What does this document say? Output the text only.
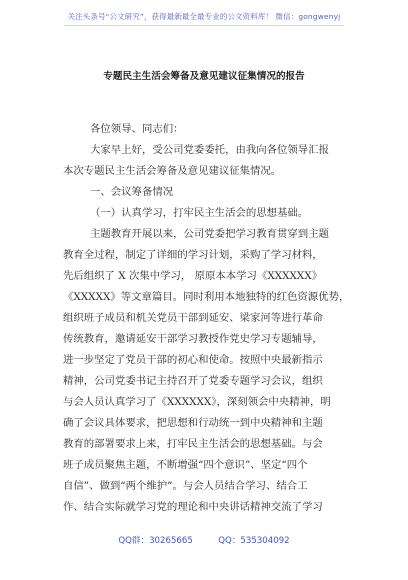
关注头条号“公文研究”，获得最新最全最专业的公文资料库！ 微信：gongwenyj
专题民主生活会筹备及意见建议征集情况的报告
各位领导、同志们：
大家早上好，受公司党委委托，由我向各位领导汇报
本次专题民主生活会筹备及意见建议征集情况。
一、会议筹备情况
（一）认真学习，打牢民主生活会的思想基础。
主题教育开展以来，公司党委把学习教育贯穿到主题
教育全过程，制定了详细的学习计划，采购了学习材料，
先后组织了 X 次集中学习， 原原本本学习《XXXXXX》
《XXXXX》等文章篇目。同时利用本地独特的红色资源优势，
组织班子成员和机关党员干部到延安、梁家河等进行革命
传统教育，邀请延安干部学习教授作党史学习专题辅导，
进一步坚定了党员干部的初心和使命。按照中央最新指示
精神，公司党委书记主持召开了党委专题学习会议，组织
与会人员认真学习了《XXXXXX》，深刻领会中央精神，明
确了会议具体要求，把思想和行动统一到中央精神和主题
教育的部署要求上来，打牢民主生活会的思想基础。与会
班子成员聚焦主题，不断增强“四个意识”、坚定“四个
自信”、做到“两个维护”。与会人员结合学习、结合工
作、结合实际就学习党的理论和中央讲话精神交流了学习
QQ群：30265665	QQ：535304092
